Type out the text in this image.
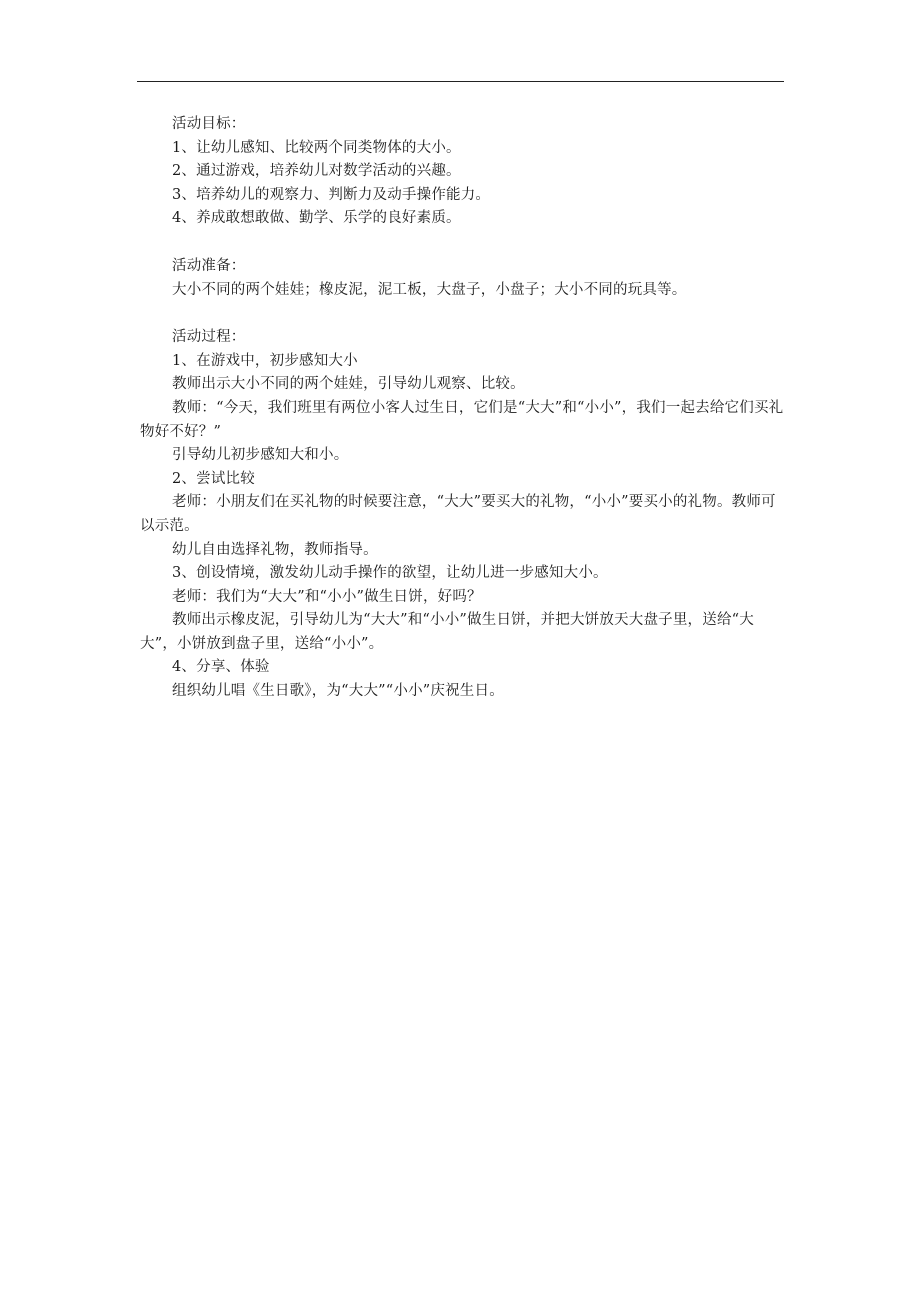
活动目标：

1、让幼儿感知、比较两个同类物体的大小。

2、通过游戏，培养幼儿对数学活动的兴趣。

3、培养幼儿的观察力、判断力及动手操作能力。

4、养成敢想敢做、勤学、乐学的良好素质。

活动准备：

大小不同的两个娃娃；橡皮泥，泥工板，大盘子，小盘子；大小不同的玩具等。

活动过程：

1、在游戏中，初步感知大小

教师出示大小不同的两个娃娃，引导幼儿观察、比较。

教师：“今天，我们班里有两位小客人过生日，它们是“大大”和“小小”，我们一起去给它们买礼物好不好？”

引导幼儿初步感知大和小。

2、尝试比较

老师：小朋友们在买礼物的时候要注意，“大大”要买大的礼物，“小小”要买小的礼物。教师可以示范。

幼儿自由选择礼物，教师指导。

3、创设情境，激发幼儿动手操作的欲望，让幼儿进一步感知大小。

老师：我们为“大大”和“小小”做生日饼，好吗？

教师出示橡皮泥，引导幼儿为“大大”和“小小”做生日饼，并把大饼放天大盘子里，送给“大大”，小饼放到盘子里，送给“小小”。

4、分享、体验

组织幼儿唱《生日歌》，为“大大”“小小”庆祝生日。
